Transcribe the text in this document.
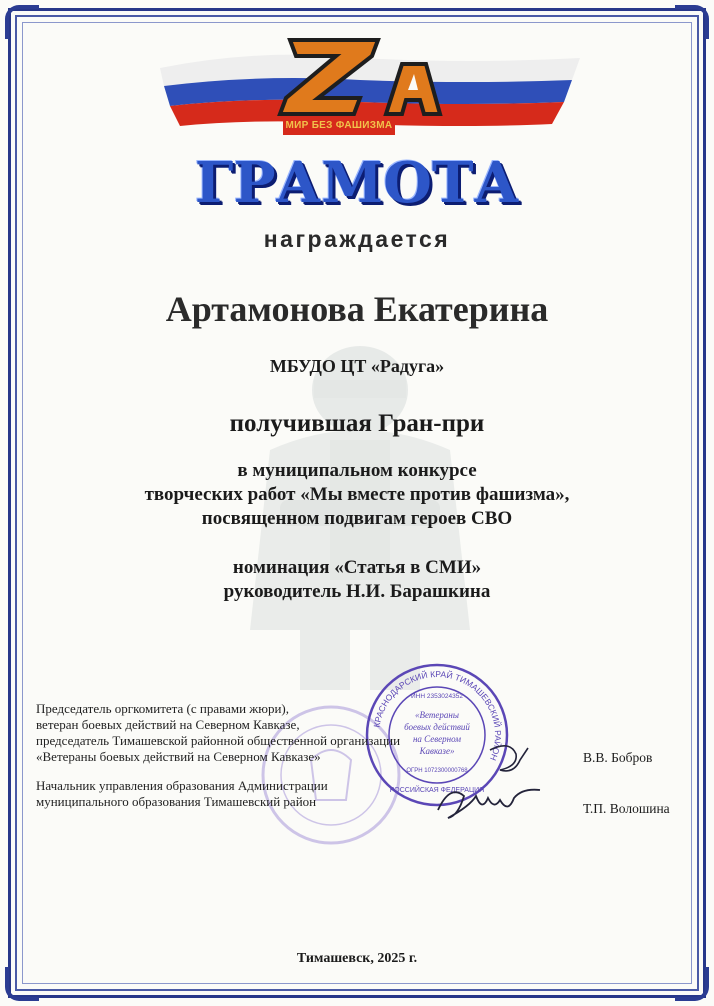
МИР БЕЗ ФАШИЗМА
ГРАМОТА
награждается
Артамонова Екатерина
МБУДО ЦТ «Радуга»
получившая Гран-при
в муниципальном конкурсе
творческих работ «Мы вместе против фашизма»,
посвященном подвигам героев СВО
номинация «Статья в СМИ»
руководитель Н.И. Барашкина
КРАСНОДАРСКИЙ КРАЙ ТИМАШЕВСКИЙ РАЙОН
ИНН 2353024352
«Ветераны
боевых действий
на Северном
Кавказе»
ОГРН 1072300000768
РОССИЙСКАЯ ФЕДЕРАЦИЯ
Председатель оргкомитета (с правами жюри),
ветеран боевых действий на Северном Кавказе,
председатель Тимашевской районной общественной организации
«Ветераны боевых действий на Северном Кавказе»	В.В. Бобров
Начальник управления образования Администрации
муниципального образования Тимашевский район	Т.П. Волошина
Тимашевск, 2025 г.
